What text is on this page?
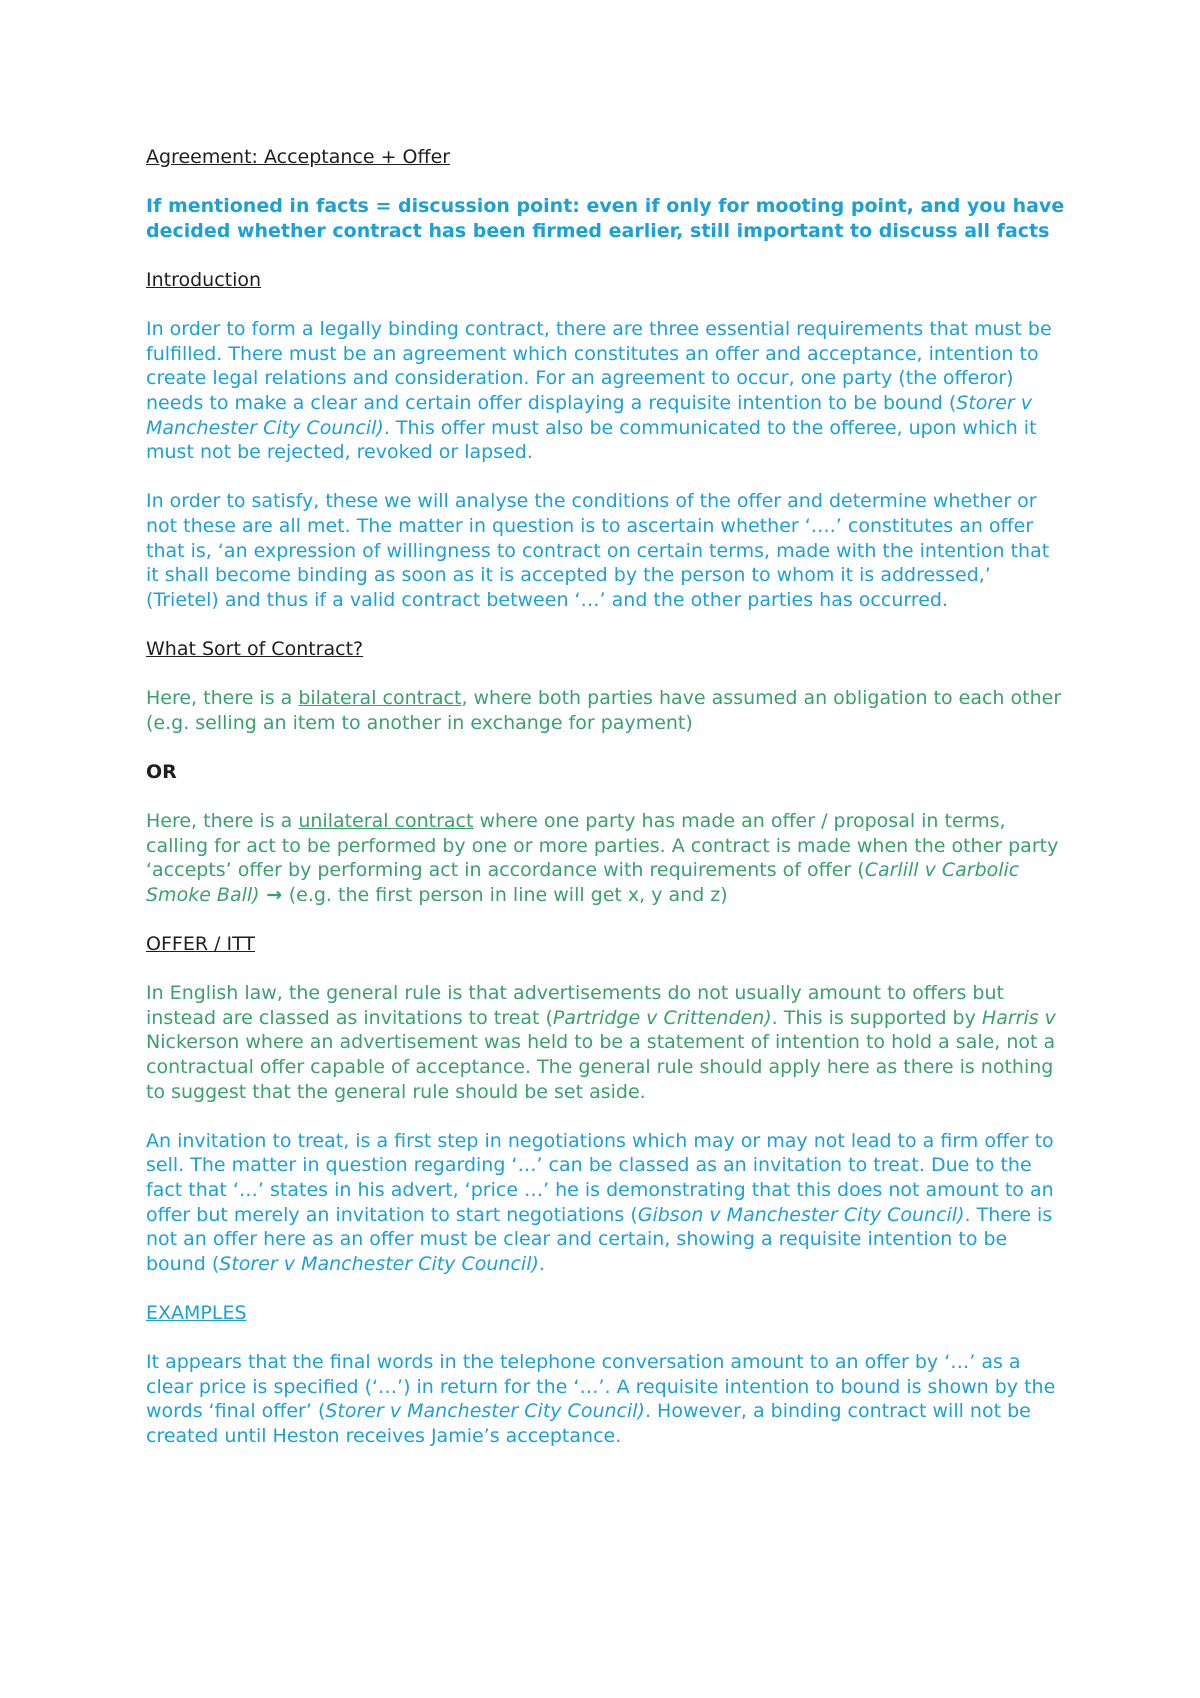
Agreement: Acceptance + Offer

If mentioned in facts = discussion point: even if only for mooting point, and you have decided whether contract has been firmed earlier, still important to discuss all facts

Introduction

In order to form a legally binding contract, there are three essential requirements that must be fulfilled. There must be an agreement which constitutes an offer and acceptance, intention to create legal relations and consideration. For an agreement to occur, one party (the offeror) needs to make a clear and certain offer displaying a requisite intention to be bound (Storer v Manchester City Council). This offer must also be communicated to the offeree, upon which it must not be rejected, revoked or lapsed.

In order to satisfy, these we will analyse the conditions of the offer and determine whether or not these are all met. The matter in question is to ascertain whether ‘….’ constitutes an offer that is, ‘an expression of willingness to contract on certain terms, made with the intention that it shall become binding as soon as it is accepted by the person to whom it is addressed,’ (Trietel) and thus if a valid contract between ‘…’ and the other parties has occurred.

What Sort of Contract?

Here, there is a bilateral contract, where both parties have assumed an obligation to each other (e.g. selling an item to another in exchange for payment)

OR

Here, there is a unilateral contract where one party has made an offer / proposal in terms, calling for act to be performed by one or more parties. A contract is made when the other party ‘accepts’ offer by performing act in accordance with requirements of offer (Carlill v Carbolic Smoke Ball) → (e.g. the first person in line will get x, y and z)

OFFER / ITT

In English law, the general rule is that advertisements do not usually amount to offers but instead are classed as invitations to treat (Partridge v Crittenden). This is supported by Harris v Nickerson where an advertisement was held to be a statement of intention to hold a sale, not a contractual offer capable of acceptance. The general rule should apply here as there is nothing to suggest that the general rule should be set aside.

An invitation to treat, is a first step in negotiations which may or may not lead to a firm offer to sell. The matter in question regarding ‘…’ can be classed as an invitation to treat. Due to the fact that ‘…’ states in his advert, ‘price …’ he is demonstrating that this does not amount to an offer but merely an invitation to start negotiations (Gibson v Manchester City Council). There is not an offer here as an offer must be clear and certain, showing a requisite intention to be bound (Storer v Manchester City Council).

EXAMPLES

It appears that the final words in the telephone conversation amount to an offer by ‘…’ as a clear price is specified (‘…’) in return for the ‘…’. A requisite intention to bound is shown by the words ‘final offer’ (Storer v Manchester City Council). However, a binding contract will not be created until Heston receives Jamie’s acceptance.
